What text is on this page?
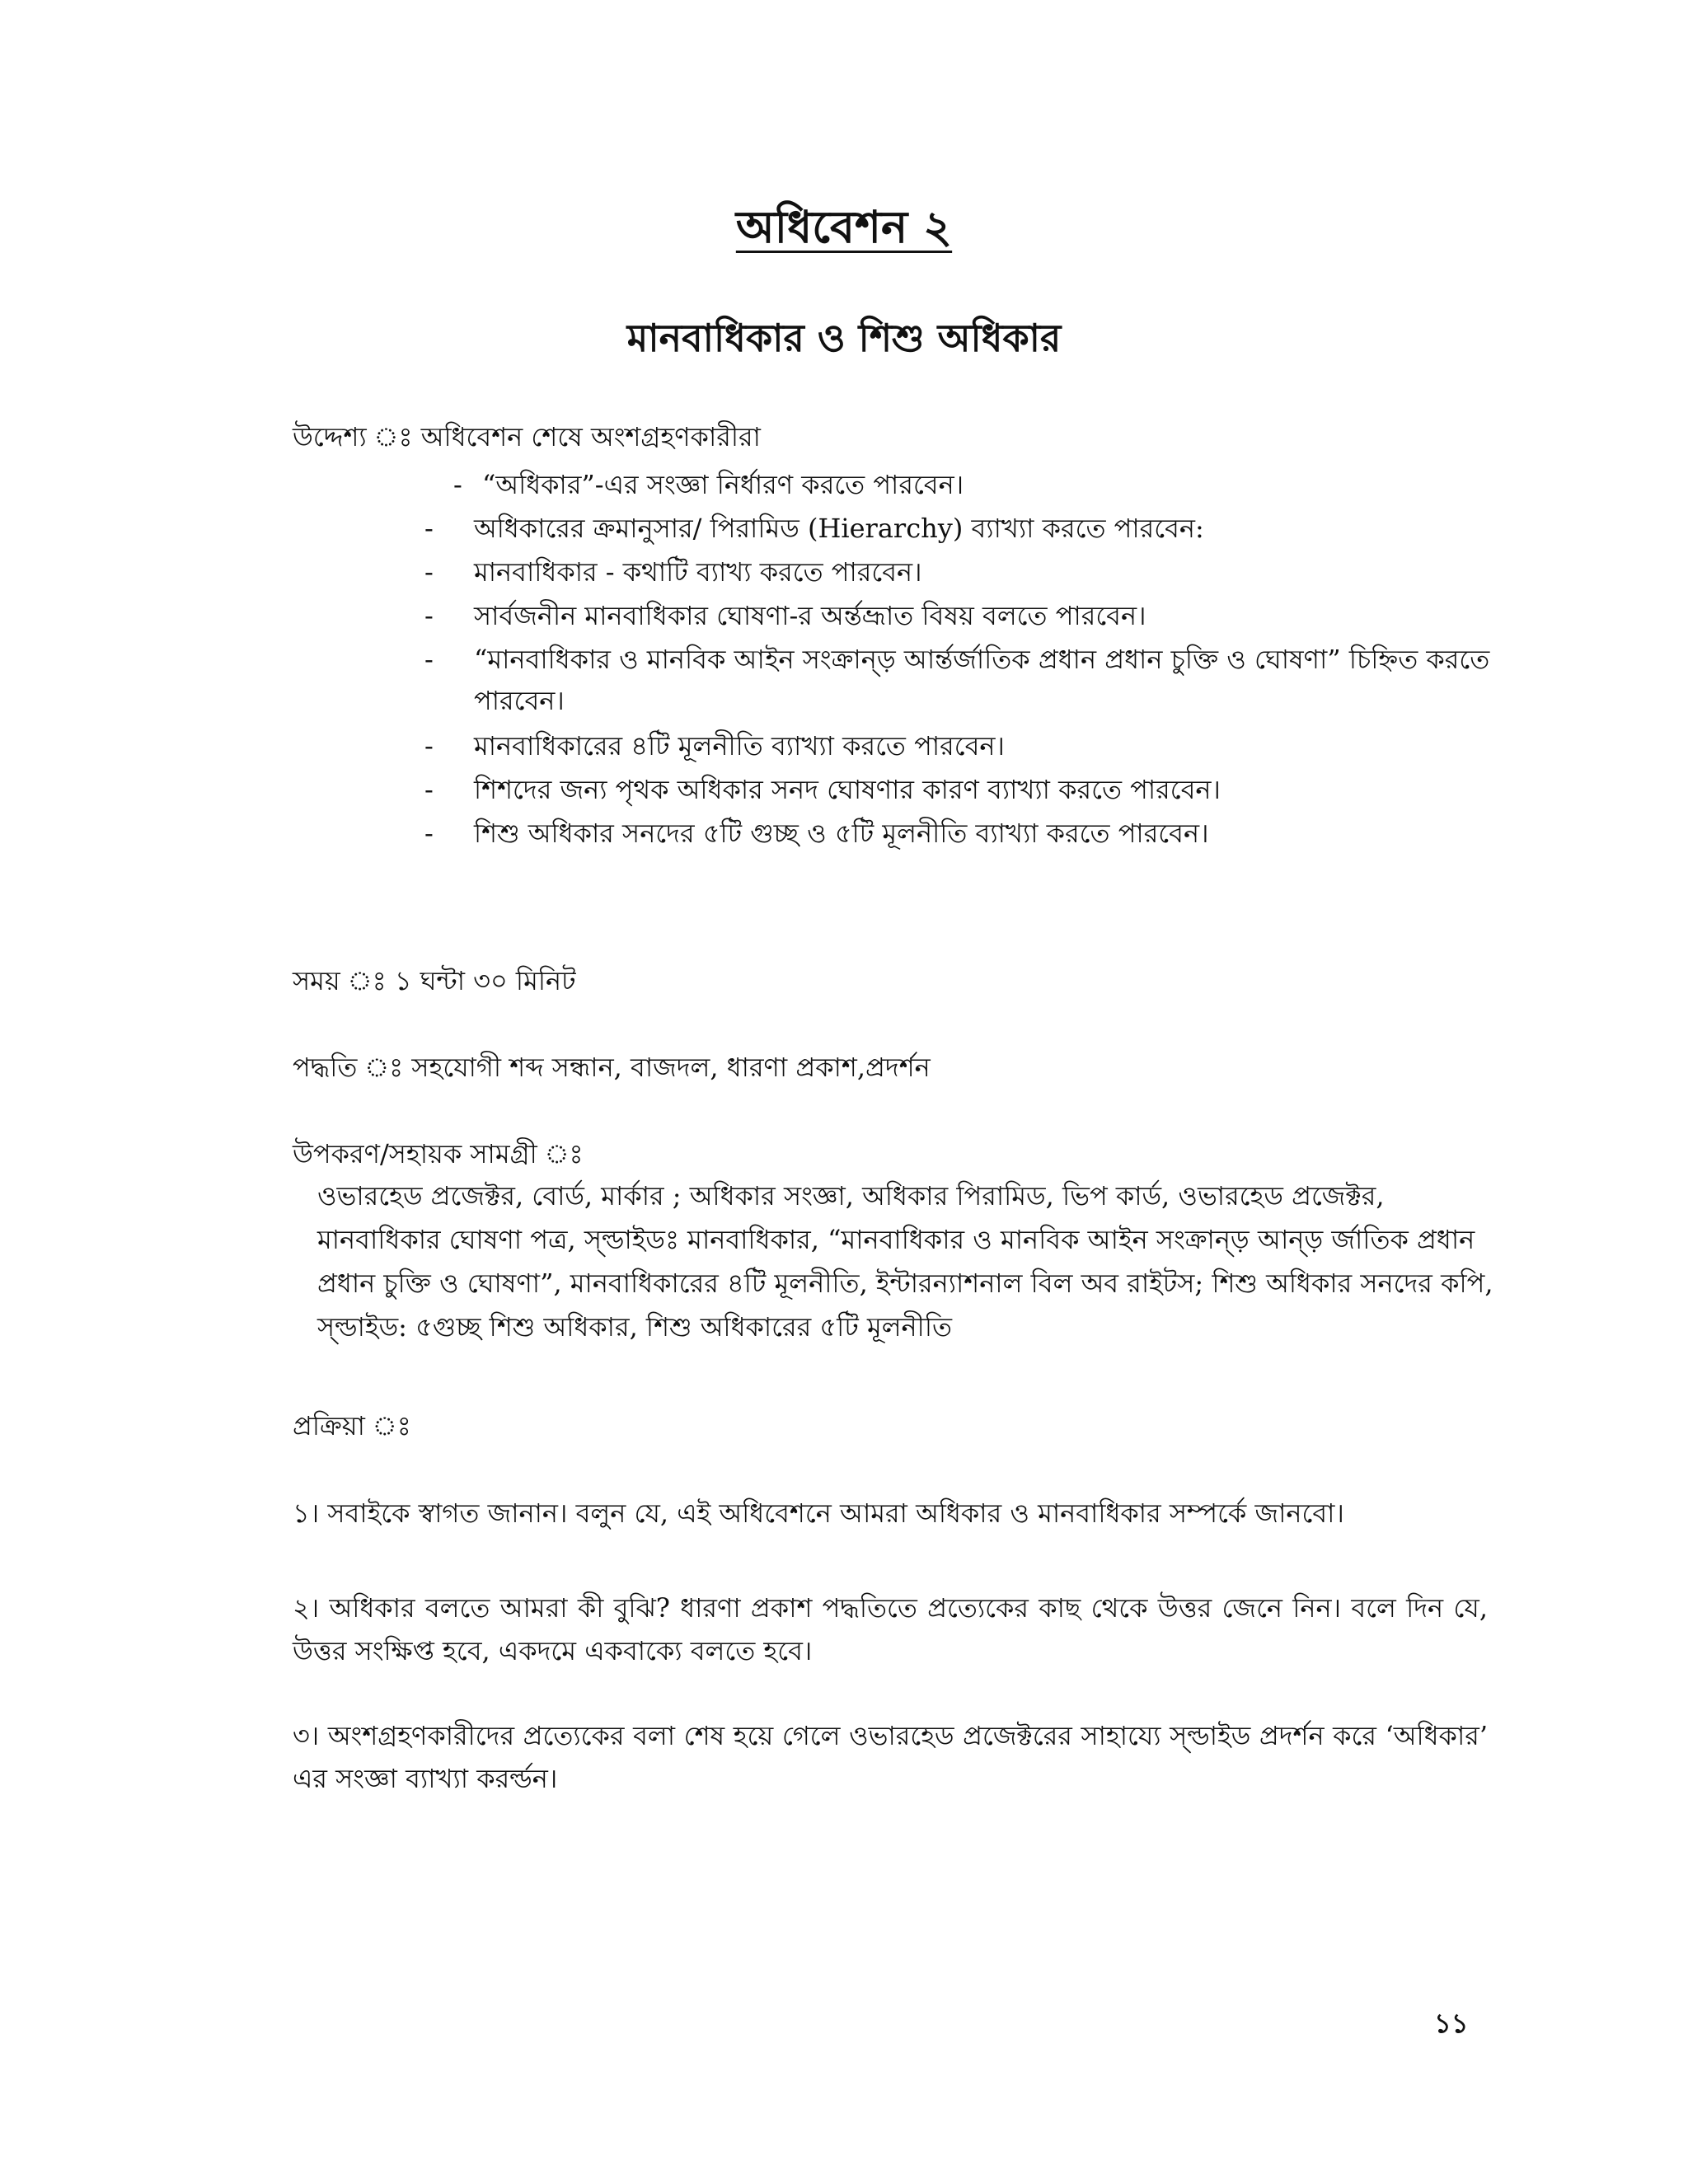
অধিবেশন ২
মানবাধিকার ও শিশু অধিকার
উদ্দেশ্য ঃ অধিবেশন শেষে অংশগ্রহণকারীরা
- “অধিকার”-এর সংজ্ঞা নির্ধারণ করতে পারবেন।
-	অধিকারের ক্রমানুসার/ পিরামিড (Hierarchy) ব্যাখ্যা করতে পারবেন:
-	মানবাধিকার - কথাটি ব্যাখ্য করতে পারবেন।
-	সার্বজনীন মানবাধিকার ঘোষণা-র অর্ন্তভ্রূাত বিষয় বলতে পারবেন।
-	“মানবাধিকার ও মানবিক আইন সংক্রান্ড় আর্ন্তর্জাতিক প্রধান প্রধান চুক্তি ও ঘোষণা” চিহ্নিত করতে পারবেন।
-	মানবাধিকারের ৪টি মূলনীতি ব্যাখ্যা করতে পারবেন।
-	শিশদের জন্য পৃথক অধিকার সনদ ঘোষণার কারণ ব্যাখ্যা করতে পারবেন।
-	শিশু অধিকার সনদের ৫টি গুচ্ছ ও ৫টি মূলনীতি ব্যাখ্যা করতে পারবেন।
সময় ঃ ১ ঘন্টা ৩০ মিনিট
পদ্ধতি ঃ সহযোগী শব্দ সন্ধান, বাজদল, ধারণা প্রকাশ,প্রদর্শন
উপকরণ/সহায়ক সামগ্রী ঃ
ওভারহেড প্রজেক্টর, বোর্ড, মার্কার ; অধিকার সংজ্ঞা, অধিকার পিরামিড, ভিপ কার্ড, ওভারহেড প্রজেক্টর, মানবাধিকার ঘোষণা পত্র, স্ল্ডাইডঃ মানবাধিকার, “মানবাধিকার ও মানবিক আইন সংক্রান্ড় আন্ড় র্জাতিক প্রধান প্রধান চুক্তি ও ঘোষণা”, মানবাধিকারের ৪টি মূলনীতি, ইন্টারন্যাশনাল বিল অব রাইটস; শিশু অধিকার সনদের কপি, স্ল্ডাইড: ৫গুচ্ছ শিশু অধিকার, শিশু অধিকারের ৫টি মূলনীতি
প্রক্রিয়া ঃ
১। সবাইকে স্বাগত জানান। বলুন যে, এই অধিবেশনে আমরা অধিকার ও মানবাধিকার সম্পর্কে জানবো।
২। অধিকার বলতে আমরা কী বুঝি? ধারণা প্রকাশ পদ্ধতিতে প্রত্যেকের কাছ থেকে উত্তর জেনে নিন। বলে দিন যে, উত্তর সংক্ষিপ্ত হবে, একদমে একবাক্যে বলতে হবে।
৩। অংশগ্রহণকারীদের প্রত্যেকের বলা শেষ হয়ে গেলে ওভারহেড প্রজেক্টরের সাহায্যে স্ল্ডাইড প্রদর্শন করে ‘অধিকার’ এর সংজ্ঞা ব্যাখ্যা করর্ল্ডন।
১১
